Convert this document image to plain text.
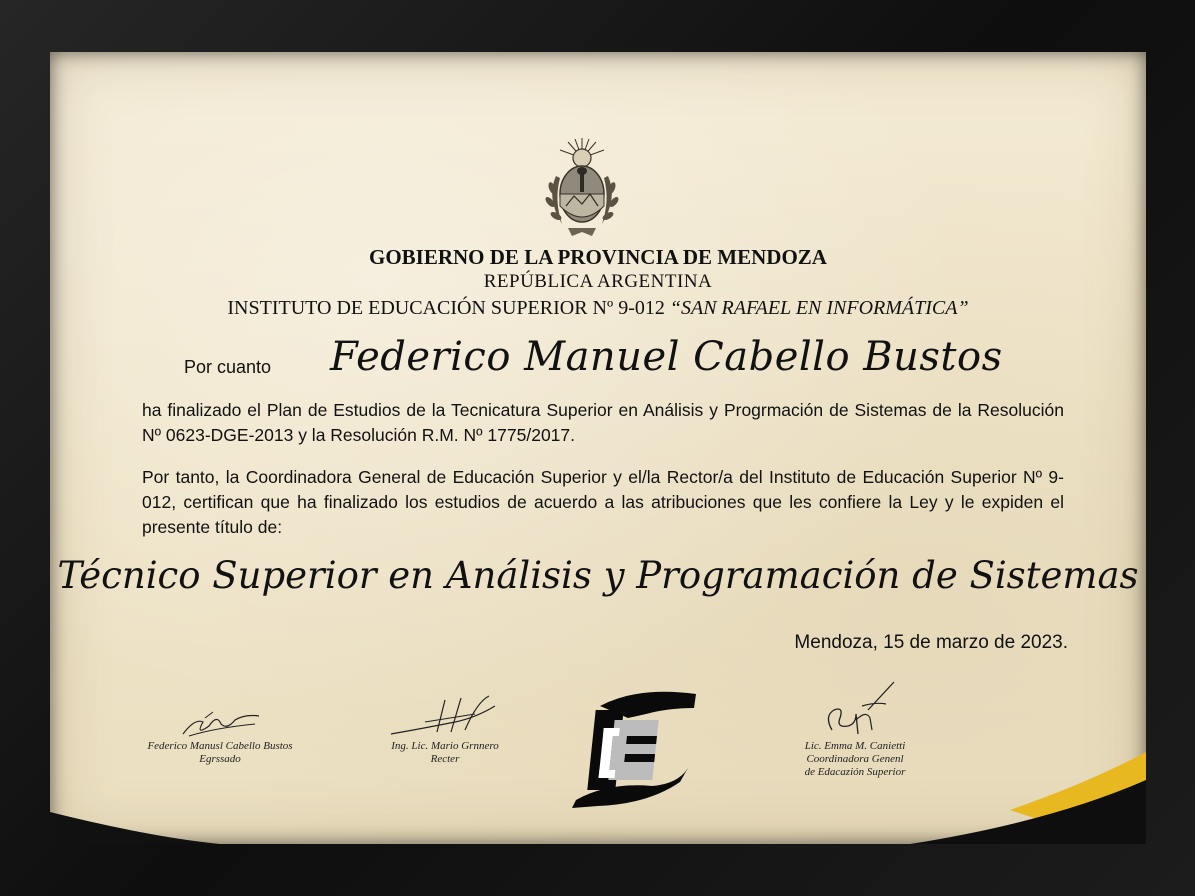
GOBIERNO DE LA PROVINCIA DE MENDOZA
REPÚBLICA ARGENTINA
INSTITUTO DE EDUCACIÓN SUPERIOR Nº 9-012 “SAN RAFAEL EN INFORMÁTICA”
Por cuanto Federico Manuel Cabello Bustos
ha finalizado el Plan de Estudios de la Tecnicatura Superior en Análisis y Progrmación de Sistemas de la Resolución Nº 0623-DGE-2013 y la Resolución R.M. Nº 1775/2017.
Por tanto, la Coordinadora General de Educación Superior y el/la Rector/a del Instituto de Educación Superior Nº 9-012, certifican que ha finalizado los estudios de acuerdo a las atribuciones que les confiere la Ley y le expiden el presente título de:
Técnico Superior en Análisis y Programación de Sistemas
Mendoza, 15 de marzo de 2023.
Federico Manusl Cabello Bustos
Egrssado
Ing. Lic. Mario Grnnero
Recter
Lic. Emma M. Canietti
Coordinadora Genenl
de Edacazión Superior
